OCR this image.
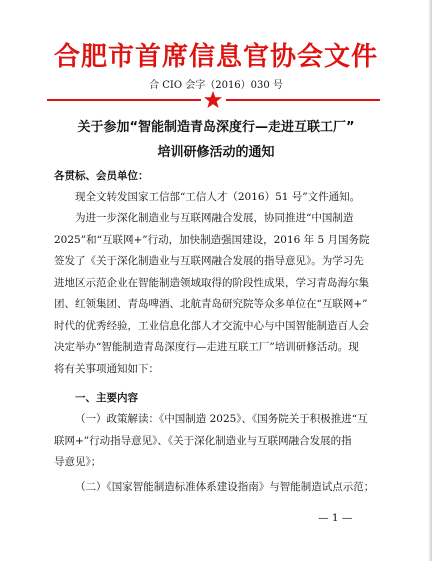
合肥市首席信息官协会文件
合 CIO 会字（2016）030 号
关于参加“智能制造青岛深度行—走进互联工厂”
培训研修活动的通知
各贯标、会员单位：
现全文转发国家工信部“工信人才（2016）51 号”文件通知。
为进一步深化制造业与互联网融合发展，协同推进“中国制造
2025”和“互联网+”行动，加快制造强国建设，2016 年 5 月国务院
签发了《关于深化制造业与互联网融合发展的指导意见》。为学习先
进地区示范企业在智能制造领域取得的阶段性成果，学习青岛海尔集
团、红领集团、青岛啤酒、北航青岛研究院等众多单位在“互联网+”
时代的优秀经验，工业信息化部人才交流中心与中国智能制造百人会
决定举办“智能制造青岛深度行—走进互联工厂”培训研修活动。现
将有关事项通知如下：
一、主要内容
（一）政策解读：《中国制造 2025》、《国务院关于积极推进“互
联网+”行动指导意见》、《关于深化制造业与互联网融合发展的指
导意见》；
（二）《国家智能制造标准体系建设指南》与智能制造试点示范；
— 1 —
